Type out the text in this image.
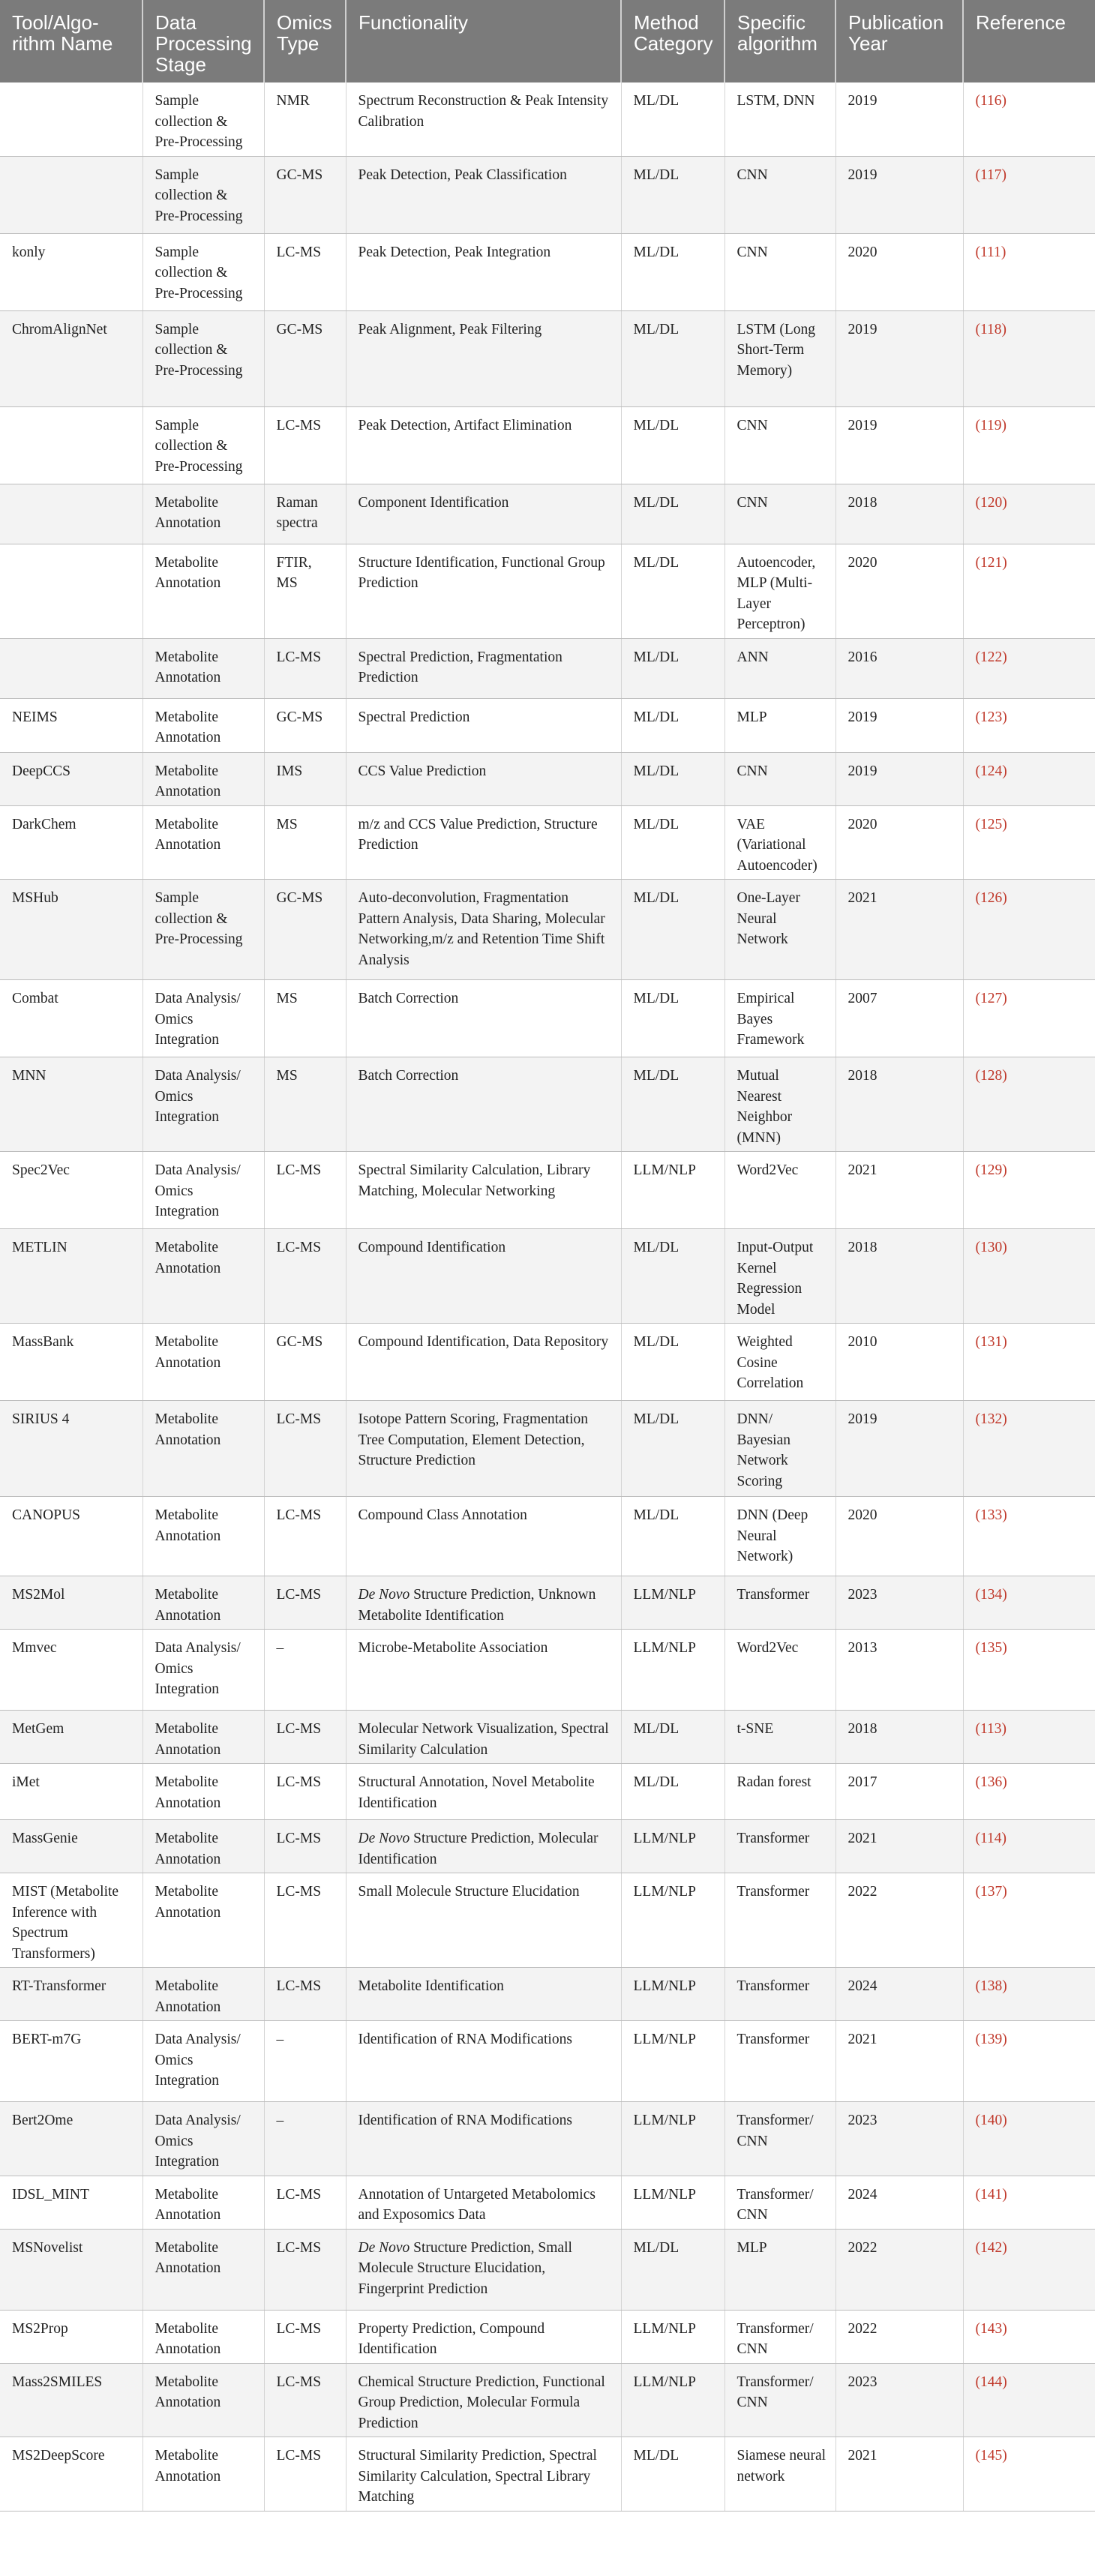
Tool/Algo-rithm Name	Data Processing Stage	Omics Type	Functionality	Method Category	Specific algorithm	Publication Year	Reference
	Sample collection & Pre-Processing	NMR	Spectrum Reconstruction & Peak Intensity Calibration	ML/DL	LSTM, DNN	2019	(116)
	Sample collection & Pre-Processing	GC-MS	Peak Detection, Peak Classification	ML/DL	CNN	2019	(117)
konly	Sample collection & Pre-Processing	LC-MS	Peak Detection, Peak Integration	ML/DL	CNN	2020	(111)
ChromAlignNet	Sample collection & Pre-Processing	GC-MS	Peak Alignment, Peak Filtering	ML/DL	LSTM (Long Short-Term Memory)	2019	(118)
	Sample collection & Pre-Processing	LC-MS	Peak Detection, Artifact Elimination	ML/DL	CNN	2019	(119)
	Metabolite Annotation	Raman spectra	Component Identification	ML/DL	CNN	2018	(120)
	Metabolite Annotation	FTIR, MS	Structure Identification, Functional Group Prediction	ML/DL	Autoencoder, MLP (Multi-Layer Perceptron)	2020	(121)
	Metabolite Annotation	LC-MS	Spectral Prediction, Fragmentation Prediction	ML/DL	ANN	2016	(122)
NEIMS	Metabolite Annotation	GC-MS	Spectral Prediction	ML/DL	MLP	2019	(123)
DeepCCS	Metabolite Annotation	IMS	CCS Value Prediction	ML/DL	CNN	2019	(124)
DarkChem	Metabolite Annotation	MS	m/z and CCS Value Prediction, Structure Prediction	ML/DL	VAE (Variational Autoencoder)	2020	(125)
MSHub	Sample collection & Pre-Processing	GC-MS	Auto-deconvolution, Fragmentation Pattern Analysis, Data Sharing, Molecular Networking,m/z and Retention Time Shift Analysis	ML/DL	One-Layer Neural Network	2021	(126)
Combat	Data Analysis/ Omics Integration	MS	Batch Correction	ML/DL	Empirical Bayes Framework	2007	(127)
MNN	Data Analysis/ Omics Integration	MS	Batch Correction	ML/DL	Mutual Nearest Neighbor (MNN)	2018	(128)
Spec2Vec	Data Analysis/ Omics Integration	LC-MS	Spectral Similarity Calculation, Library Matching, Molecular Networking	LLM/NLP	Word2Vec	2021	(129)
METLIN	Metabolite Annotation	LC-MS	Compound Identification	ML/DL	Input-Output Kernel Regression Model	2018	(130)
MassBank	Metabolite Annotation	GC-MS	Compound Identification, Data Repository	ML/DL	Weighted Cosine Correlation	2010	(131)
SIRIUS 4	Metabolite Annotation	LC-MS	Isotope Pattern Scoring, Fragmentation Tree Computation, Element Detection, Structure Prediction	ML/DL	DNN/ Bayesian Network Scoring	2019	(132)
CANOPUS	Metabolite Annotation	LC-MS	Compound Class Annotation	ML/DL	DNN (Deep Neural Network)	2020	(133)
MS2Mol	Metabolite Annotation	LC-MS	De Novo Structure Prediction, Unknown Metabolite Identification	LLM/NLP	Transformer	2023	(134)
Mmvec	Data Analysis/ Omics Integration	–	Microbe-Metabolite Association	LLM/NLP	Word2Vec	2013	(135)
MetGem	Metabolite Annotation	LC-MS	Molecular Network Visualization, Spectral Similarity Calculation	ML/DL	t-SNE	2018	(113)
iMet	Metabolite Annotation	LC-MS	Structural Annotation, Novel Metabolite Identification	ML/DL	Radan forest	2017	(136)
MassGenie	Metabolite Annotation	LC-MS	De Novo Structure Prediction, Molecular Identification	LLM/NLP	Transformer	2021	(114)
MIST (Metabolite Inference with Spectrum Transformers)	Metabolite Annotation	LC-MS	Small Molecule Structure Elucidation	LLM/NLP	Transformer	2022	(137)
RT-Transformer	Metabolite Annotation	LC-MS	Metabolite Identification	LLM/NLP	Transformer	2024	(138)
BERT-m7G	Data Analysis/ Omics Integration	–	Identification of RNA Modifications	LLM/NLP	Transformer	2021	(139)
Bert2Ome	Data Analysis/ Omics Integration	–	Identification of RNA Modifications	LLM/NLP	Transformer/ CNN	2023	(140)
IDSL_MINT	Metabolite Annotation	LC-MS	Annotation of Untargeted Metabolomics and Exposomics Data	LLM/NLP	Transformer/ CNN	2024	(141)
MSNovelist	Metabolite Annotation	LC-MS	De Novo Structure Prediction, Small Molecule Structure Elucidation, Fingerprint Prediction	ML/DL	MLP	2022	(142)
MS2Prop	Metabolite Annotation	LC-MS	Property Prediction, Compound Identification	LLM/NLP	Transformer/ CNN	2022	(143)
Mass2SMILES	Metabolite Annotation	LC-MS	Chemical Structure Prediction, Functional Group Prediction, Molecular Formula Prediction	LLM/NLP	Transformer/ CNN	2023	(144)
MS2DeepScore	Metabolite Annotation	LC-MS	Structural Similarity Prediction, Spectral Similarity Calculation, Spectral Library Matching	ML/DL	Siamese neural network	2021	(145)
